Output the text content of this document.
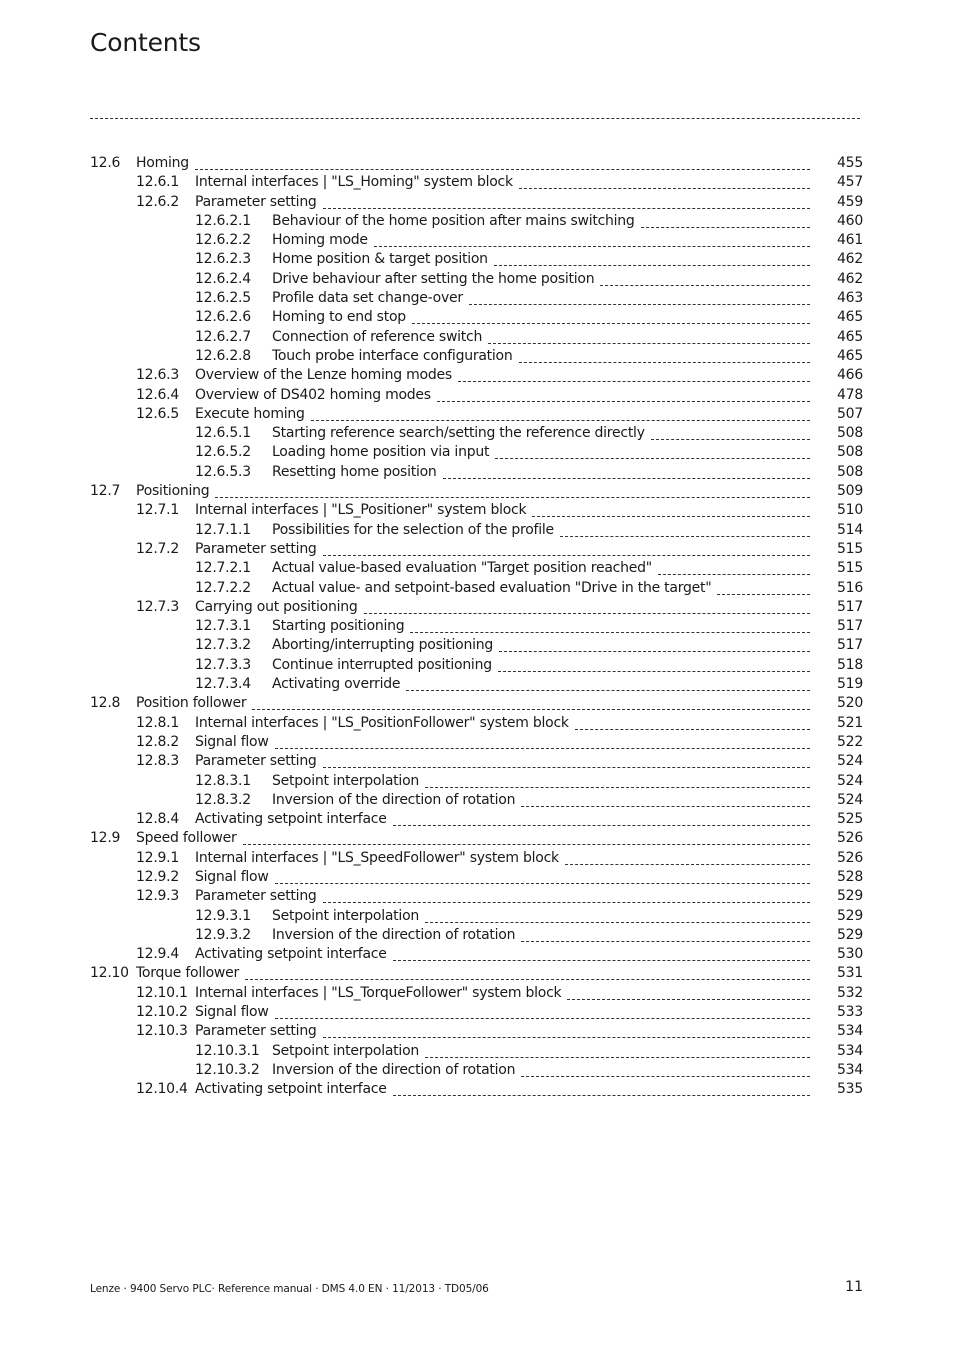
Contents
12.6 Homing	455
12.6.1 Internal interfaces | "LS_Homing" system block	457
12.6.2 Parameter setting	459
12.6.2.1 Behaviour of the home position after mains switching	460
12.6.2.2 Homing mode	461
12.6.2.3 Home position & target position	462
12.6.2.4 Drive behaviour after setting the home position	462
12.6.2.5 Profile data set change-over	463
12.6.2.6 Homing to end stop	465
12.6.2.7 Connection of reference switch	465
12.6.2.8 Touch probe interface configuration	465
12.6.3 Overview of the Lenze homing modes	466
12.6.4 Overview of DS402 homing modes	478
12.6.5 Execute homing	507
12.6.5.1 Starting reference search/setting the reference directly	508
12.6.5.2 Loading home position via input	508
12.6.5.3 Resetting home position	508
12.7 Positioning	509
12.7.1 Internal interfaces | "LS_Positioner" system block	510
12.7.1.1 Possibilities for the selection of the profile	514
12.7.2 Parameter setting	515
12.7.2.1 Actual value-based evaluation "Target position reached"	515
12.7.2.2 Actual value- and setpoint-based evaluation "Drive in the target"	516
12.7.3 Carrying out positioning	517
12.7.3.1 Starting positioning	517
12.7.3.2 Aborting/interrupting positioning	517
12.7.3.3 Continue interrupted positioning	518
12.7.3.4 Activating override	519
12.8 Position follower	520
12.8.1 Internal interfaces | "LS_PositionFollower" system block	521
12.8.2 Signal flow	522
12.8.3 Parameter setting	524
12.8.3.1 Setpoint interpolation	524
12.8.3.2 Inversion of the direction of rotation	524
12.8.4 Activating setpoint interface	525
12.9 Speed follower	526
12.9.1 Internal interfaces | "LS_SpeedFollower" system block	526
12.9.2 Signal flow	528
12.9.3 Parameter setting	529
12.9.3.1 Setpoint interpolation	529
12.9.3.2 Inversion of the direction of rotation	529
12.9.4 Activating setpoint interface	530
12.10 Torque follower	531
12.10.1 Internal interfaces | "LS_TorqueFollower" system block	532
12.10.2 Signal flow	533
12.10.3 Parameter setting	534
12.10.3.1 Setpoint interpolation	534
12.10.3.2 Inversion of the direction of rotation	534
12.10.4 Activating setpoint interface	535
Lenze · 9400 Servo PLC· Reference manual · DMS 4.0 EN · 11/2013 · TD05/06	11
